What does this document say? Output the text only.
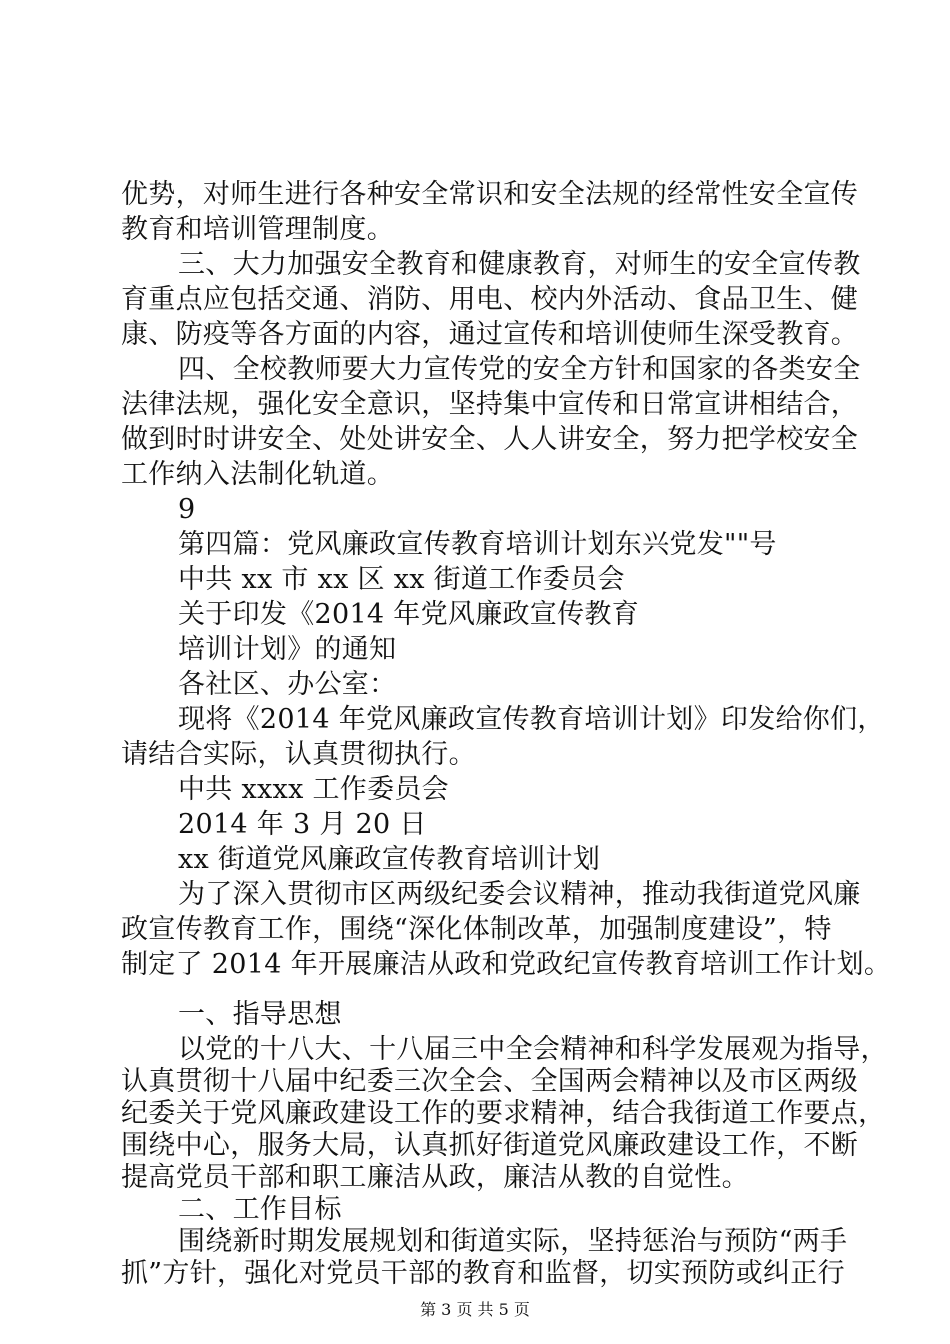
优势，对师生进行各种安全常识和安全法规的经常性安全宣传
教育和培训管理制度。
三、大力加强安全教育和健康教育，对师生的安全宣传教
育重点应包括交通、消防、用电、校内外活动、食品卫生、健
康、防疫等各方面的内容，通过宣传和培训使师生深受教育。
四、全校教师要大力宣传党的安全方针和国家的各类安全
法律法规，强化安全意识，坚持集中宣传和日常宣讲相结合，
做到时时讲安全、处处讲安全、人人讲安全，努力把学校安全
工作纳入法制化轨道。
9
第四篇：党风廉政宣传教育培训计划东兴党发""号
中共 xx 市 xx 区 xx 街道工作委员会
关于印发《2014 年党风廉政宣传教育
培训计划》的通知
各社区、办公室：
现将《2014 年党风廉政宣传教育培训计划》印发给你们，
请结合实际，认真贯彻执行。
中共 xxxx 工作委员会
2014 年 3 月 20 日
xx 街道党风廉政宣传教育培训计划
为了深入贯彻市区两级纪委会议精神，推动我街道党风廉
政宣传教育工作，围绕“深化体制改革，加强制度建设”，特
制定了 2014 年开展廉洁从政和党政纪宣传教育培训工作计划。
一、指导思想
以党的十八大、十八届三中全会精神和科学发展观为指导，
认真贯彻十八届中纪委三次全会、全国两会精神以及市区两级
纪委关于党风廉政建设工作的要求精神，结合我街道工作要点，
围绕中心，服务大局，认真抓好街道党风廉政建设工作，不断
提高党员干部和职工廉洁从政，廉洁从教的自觉性。
二、工作目标
围绕新时期发展规划和街道实际，坚持惩治与预防“两手
抓”方针，强化对党员干部的教育和监督，切实预防或纠正行
第 3 页 共 5 页
